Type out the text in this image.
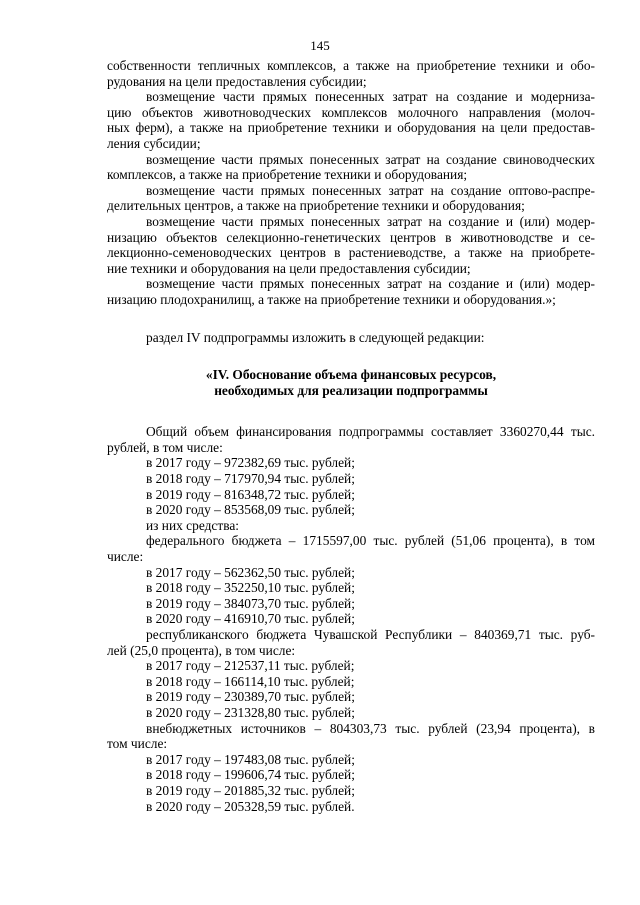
145

собственности тепличных комплексов, а также на приобретение техники и обо-

рудования на цели предоставления субсидии;

возмещение части прямых понесенных затрат на создание и модерниза-

цию объектов животноводческих комплексов молочного направления (молоч-

ных ферм), а также на приобретение техники и оборудования на цели предостав-

ления субсидии;

возмещение части прямых понесенных затрат на создание свиноводческих

комплексов, а также на приобретение техники и оборудования;

возмещение части прямых понесенных затрат на создание оптово-распре-

делительных центров, а также на приобретение техники и оборудования;

возмещение части прямых понесенных затрат на создание и (или) модер-

низацию объектов селекционно-генетических центров в животноводстве и се-

лекционно-семеноводческих центров в растениеводстве, а также на приобрете-

ние техники и оборудования на цели предоставления субсидии;

возмещение части прямых понесенных затрат на создание и (или) модер-

низацию плодохранилищ, а также на приобретение техники и оборудования.»;

раздел IV подпрограммы изложить в следующей редакции:

«IV. Обоснование объема финансовых ресурсов,
необходимых для реализации подпрограммы

Общий объем финансирования подпрограммы составляет 3360270,44 тыс.

рублей, в том числе:

в 2017 году – 972382,69 тыс. рублей;

в 2018 году – 717970,94 тыс. рублей;

в 2019 году – 816348,72 тыс. рублей;

в 2020 году – 853568,09 тыс. рублей;

из них средства:

федерального бюджета – 1715597,00 тыс. рублей (51,06 процента), в том

числе:

в 2017 году – 562362,50 тыс. рублей;

в 2018 году – 352250,10 тыс. рублей;

в 2019 году – 384073,70 тыс. рублей;

в 2020 году – 416910,70 тыс. рублей;

республиканского бюджета Чувашской Республики – 840369,71 тыс. руб-

лей (25,0 процента), в том числе:

в 2017 году – 212537,11 тыс. рублей;

в 2018 году – 166114,10 тыс. рублей;

в 2019 году – 230389,70 тыс. рублей;

в 2020 году – 231328,80 тыс. рублей;

внебюджетных источников – 804303,73 тыс. рублей (23,94 процента), в

том числе:

в 2017 году – 197483,08 тыс. рублей;

в 2018 году – 199606,74 тыс. рублей;

в 2019 году – 201885,32 тыс. рублей;

в 2020 году – 205328,59 тыс. рублей.
